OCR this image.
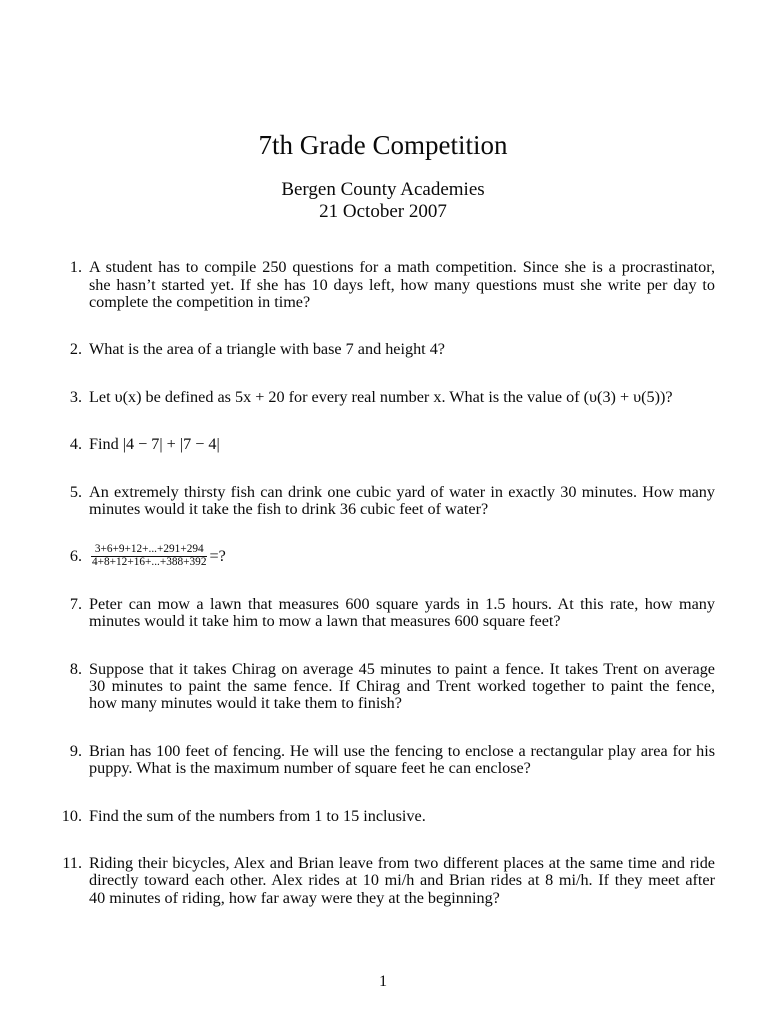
7th Grade Competition
Bergen County Academies
21 October 2007
1. A student has to compile 250 questions for a math competition. Since she is a procrastinator,
she hasn’t started yet. If she has 10 days left, how many questions must she write per day to
complete the competition in time?
2. What is the area of a triangle with base 7 and height 4?
3. Let υ(x) be defined as 5x + 20 for every real number x. What is the value of (υ(3) + υ(5))?
4. Find |4 − 7| + |7 − 4|
5. An extremely thirsty fish can drink one cubic yard of water in exactly 30 minutes. How many
minutes would it take the fish to drink 36 cubic feet of water?
6. $\frac{3+6+9+12+...+291+294}{4+8+12+16+...+388+392}$ =?
7. Peter can mow a lawn that measures 600 square yards in 1.5 hours. At this rate, how many
minutes would it take him to mow a lawn that measures 600 square feet?
8. Suppose that it takes Chirag on average 45 minutes to paint a fence. It takes Trent on average
30 minutes to paint the same fence. If Chirag and Trent worked together to paint the fence,
how many minutes would it take them to finish?
9. Brian has 100 feet of fencing. He will use the fencing to enclose a rectangular play area for his
puppy. What is the maximum number of square feet he can enclose?
10. Find the sum of the numbers from 1 to 15 inclusive.
11. Riding their bicycles, Alex and Brian leave from two different places at the same time and ride
directly toward each other. Alex rides at 10 mi/h and Brian rides at 8 mi/h. If they meet after
40 minutes of riding, how far away were they at the beginning?
1
